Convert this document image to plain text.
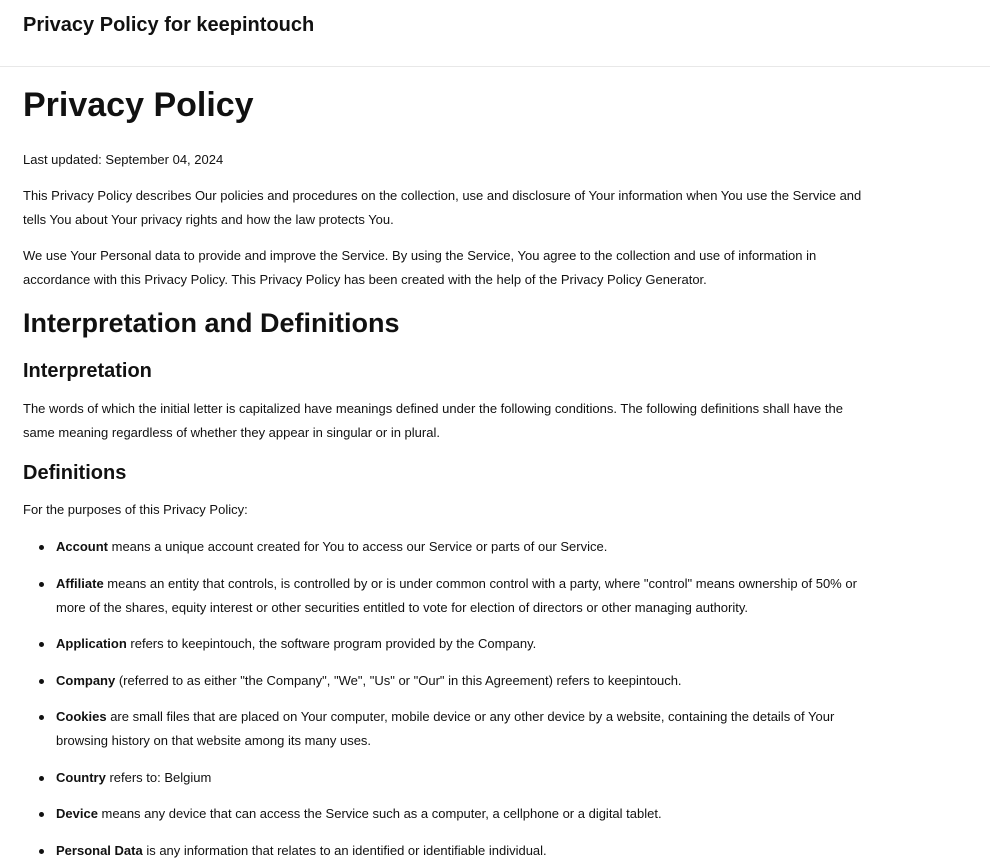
Privacy Policy for keepintouch
Privacy Policy

Last updated: September 04, 2024

This Privacy Policy describes Our policies and procedures on the collection, use and disclosure of Your information when You use the Service and tells You about Your privacy rights and how the law protects You.

We use Your Personal data to provide and improve the Service. By using the Service, You agree to the collection and use of information in accordance with this Privacy Policy. This Privacy Policy has been created with the help of the Privacy Policy Generator.

Interpretation and Definitions
Interpretation

The words of which the initial letter is capitalized have meanings defined under the following conditions. The following definitions shall have the same meaning regardless of whether they appear in singular or in plural.

Definitions

For the purposes of this Privacy Policy:

Account means a unique account created for You to access our Service or parts of our Service.
Affiliate means an entity that controls, is controlled by or is under common control with a party, where "control" means ownership of 50% or more of the shares, equity interest or other securities entitled to vote for election of directors or other managing authority.
Application refers to keepintouch, the software program provided by the Company.
Company (referred to as either "the Company", "We", "Us" or "Our" in this Agreement) refers to keepintouch.
Cookies are small files that are placed on Your computer, mobile device or any other device by a website, containing the details of Your browsing history on that website among its many uses.
Country refers to: Belgium
Device means any device that can access the Service such as a computer, a cellphone or a digital tablet.
Personal Data is any information that relates to an identified or identifiable individual.
